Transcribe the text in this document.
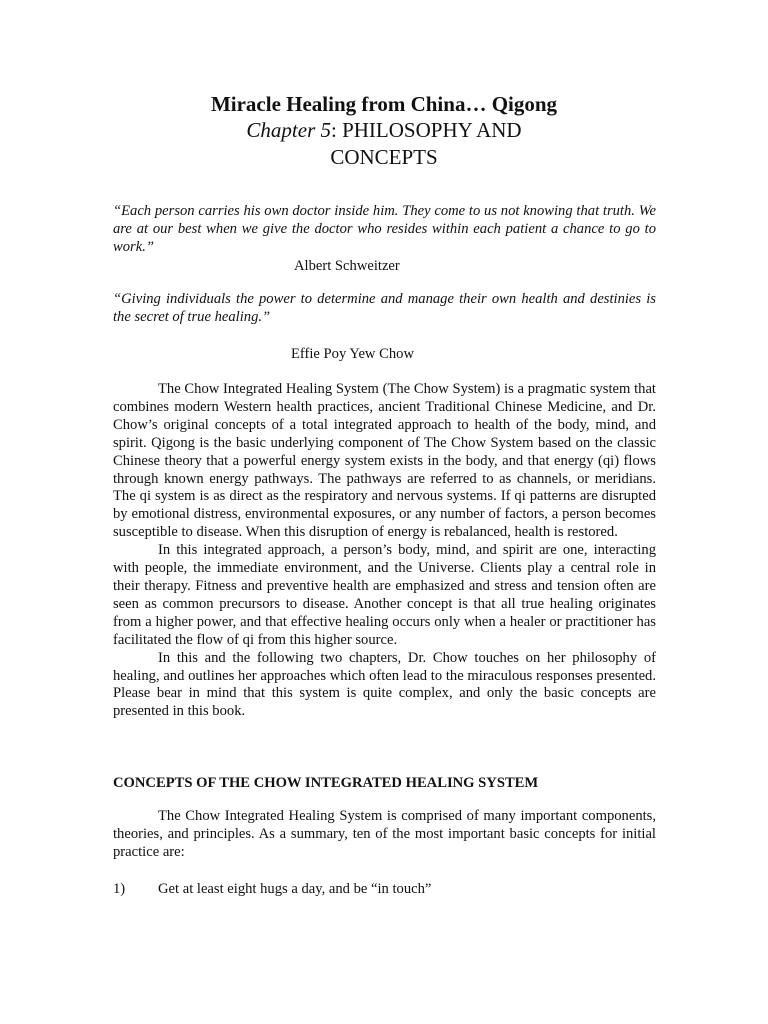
Miracle Healing from China… Qigong
Chapter 5: PHILOSOPHY AND
CONCEPTS
“Each person carries his own doctor inside him. They come to us not knowing that truth. We are at our best when we give the doctor who resides within each patient a chance to go to work.”
Albert Schweitzer
“Giving individuals the power to determine and manage their own health and destinies is the secret of true healing.”
Effie Poy Yew Chow

The Chow Integrated Healing System (The Chow System) is a pragmatic system that combines modern Western health practices, ancient Traditional Chinese Medicine, and Dr. Chow’s original concepts of a total integrated approach to health of the body, mind, and spirit. Qigong is the basic underlying component of The Chow System based on the classic Chinese theory that a powerful energy system exists in the body, and that energy (qi) flows through known energy pathways. The pathways are referred to as channels, or meridians. The qi system is as direct as the respiratory and nervous systems. If qi patterns are disrupted by emotional distress, environmental exposures, or any number of factors, a person becomes susceptible to disease. When this disruption of energy is rebalanced, health is restored.

In this integrated approach, a person’s body, mind, and spirit are one, interacting with people, the immediate environment, and the Universe. Clients play a central role in their therapy. Fitness and preventive health are emphasized and stress and tension often are seen as common precursors to disease. Another concept is that all true healing originates from a higher power, and that effective healing occurs only when a healer or practitioner has facilitated the flow of qi from this higher source.

In this and the following two chapters, Dr. Chow touches on her philosophy of healing, and outlines her approaches which often lead to the miraculous responses presented. Please bear in mind that this system is quite complex, and only the basic concepts are presented in this book.

CONCEPTS OF THE CHOW INTEGRATED HEALING SYSTEM

The Chow Integrated Healing System is comprised of many important components, theories, and principles. As a summary, ten of the most important basic concepts for initial practice are:

1) Get at least eight hugs a day, and be “in touch”
